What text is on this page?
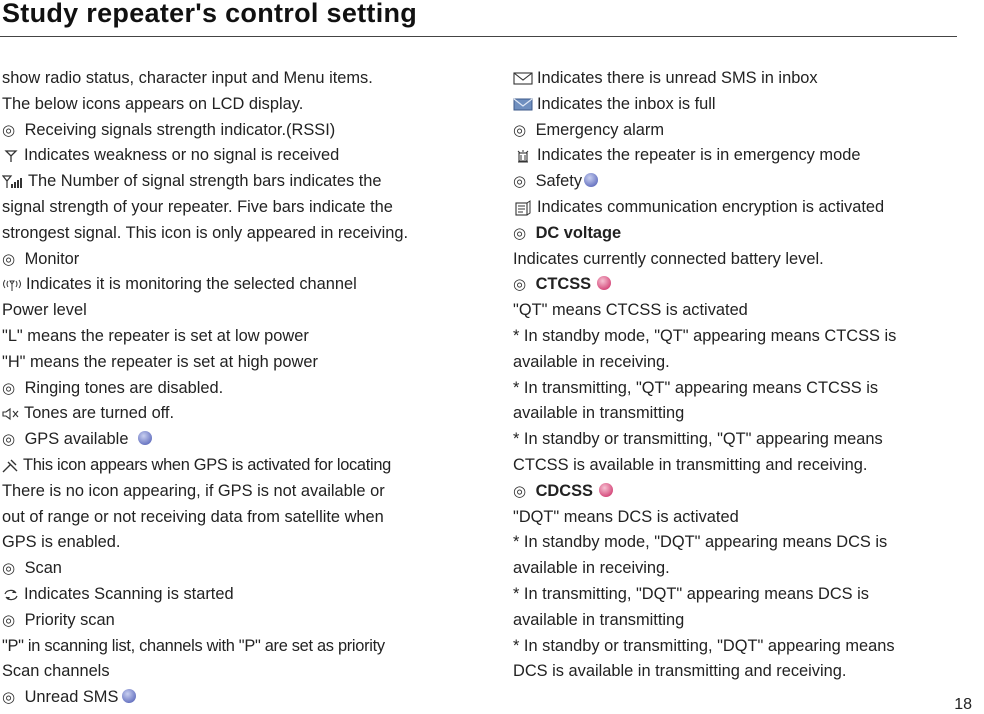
Study repeater's control setting
show radio status, character input and Menu items.
The below icons appears on LCD display.
◎ Receiving signals strength indicator.(RSSI)
Indicates weakness or no signal is received
The Number of signal strength bars indicates the
signal strength of your repeater. Five bars indicate the
strongest signal. This icon is only appeared in receiving.
◎ Monitor
Indicates it is monitoring the selected channel
Power level
"L" means the repeater is set at low power
"H" means the repeater is set at high power
◎ Ringing tones are disabled.
Tones are turned off.
◎ GPS available
This icon appears when GPS is activated for locating
There is no icon appearing, if GPS is not available or
out of range or not receiving data from satellite when
GPS is enabled.
◎ Scan
Indicates Scanning is started
◎ Priority scan
"P" in scanning list, channels with "P" are set as priority
Scan channels
◎ Unread SMS
Indicates there is unread SMS in inbox
Indicates the inbox is full
◎ Emergency alarm
Indicates the repeater is in emergency mode
◎ Safety
Indicates communication encryption is activated
◎ DC voltage
Indicates currently connected battery level.
◎ CTCSS
"QT" means CTCSS is activated
* In standby mode, "QT" appearing means CTCSS is
available in receiving.
* In transmitting, "QT" appearing means CTCSS is
available in transmitting
* In standby or transmitting, "QT" appearing means
CTCSS is available in transmitting and receiving.
◎ CDCSS
"DQT" means DCS is activated
* In standby mode, "DQT" appearing means DCS is
available in receiving.
* In transmitting, "DQT" appearing means DCS is
available in transmitting
* In standby or transmitting, "DQT" appearing means
DCS is available in transmitting and receiving.
18
